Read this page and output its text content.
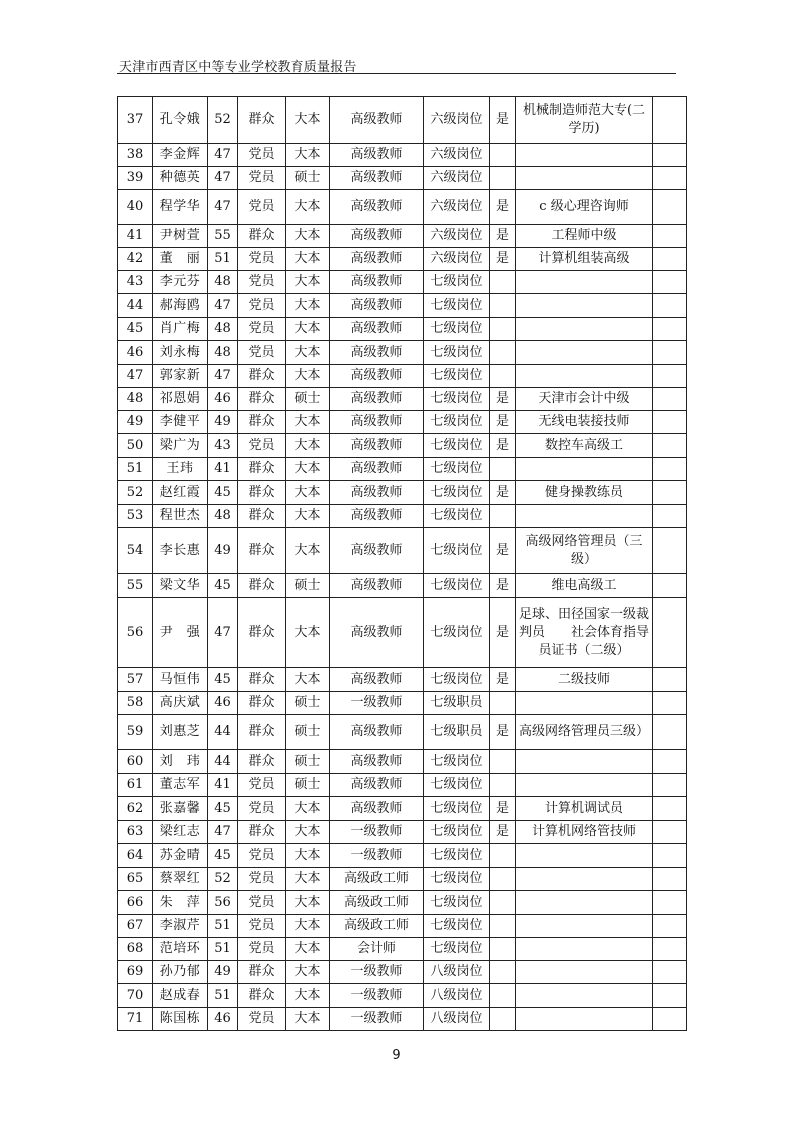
天津市西青区中等专业学校教育质量报告
37	孔令娥	52	群众	大本	高级教师	六级岗位	是	机械制造师范大专(二学历)	
38	李金辉	47	党员	大本	高级教师	六级岗位			
39	种德英	47	党员	硕士	高级教师	六级岗位			
40	程学华	47	党员	大本	高级教师	六级岗位	是	c 级心理咨询师	
41	尹树萱	55	群众	大本	高级教师	六级岗位	是	工程师中级	
42	董　丽	51	党员	大本	高级教师	六级岗位	是	计算机组装高级	
43	李元芬	48	党员	大本	高级教师	七级岗位			
44	郝海鸥	47	党员	大本	高级教师	七级岗位			
45	肖广梅	48	党员	大本	高级教师	七级岗位			
46	刘永梅	48	党员	大本	高级教师	七级岗位			
47	郭家新	47	群众	大本	高级教师	七级岗位			
48	祁恩娟	46	群众	硕士	高级教师	七级岗位	是	天津市会计中级	
49	李健平	49	群众	大本	高级教师	七级岗位	是	无线电装接技师	
50	梁广为	43	党员	大本	高级教师	七级岗位	是	数控车高级工	
51	王玮	41	群众	大本	高级教师	七级岗位			
52	赵红霞	45	群众	大本	高级教师	七级岗位	是	健身操教练员	
53	程世杰	48	群众	大本	高级教师	七级岗位			
54	李长惠	49	群众	大本	高级教师	七级岗位	是	高级网络管理员（三级）	
55	梁文华	45	群众	硕士	高级教师	七级岗位	是	维电高级工	
56	尹　强	47	群众	大本	高级教师	七级岗位	是	足球、田径国家一级裁判员　　社会体育指导员证书（二级）	
57	马恒伟	45	群众	大本	高级教师	七级岗位	是	二级技师	
58	高庆斌	46	群众	硕士	一级教师	七级职员			
59	刘惠芝	44	群众	硕士	高级教师	七级职员	是	高级网络管理员三级）	
60	刘　玮	44	群众	硕士	高级教师	七级岗位			
61	董志军	41	党员	硕士	高级教师	七级岗位			
62	张嘉馨	45	党员	大本	高级教师	七级岗位	是	计算机调试员	
63	梁红志	47	群众	大本	一级教师	七级岗位	是	计算机网络管技师	
64	苏金晴	45	党员	大本	一级教师	七级岗位			
65	蔡翠红	52	党员	大本	高级政工师	七级岗位			
66	朱　萍	56	党员	大本	高级政工师	七级岗位			
67	李淑芹	51	党员	大本	高级政工师	七级岗位			
68	范培环	51	党员	大本	会计师	七级岗位			
69	孙乃郁	49	群众	大本	一级教师	八级岗位			
70	赵成春	51	群众	大本	一级教师	八级岗位			
71	陈国栋	46	党员	大本	一级教师	八级岗位			
9
